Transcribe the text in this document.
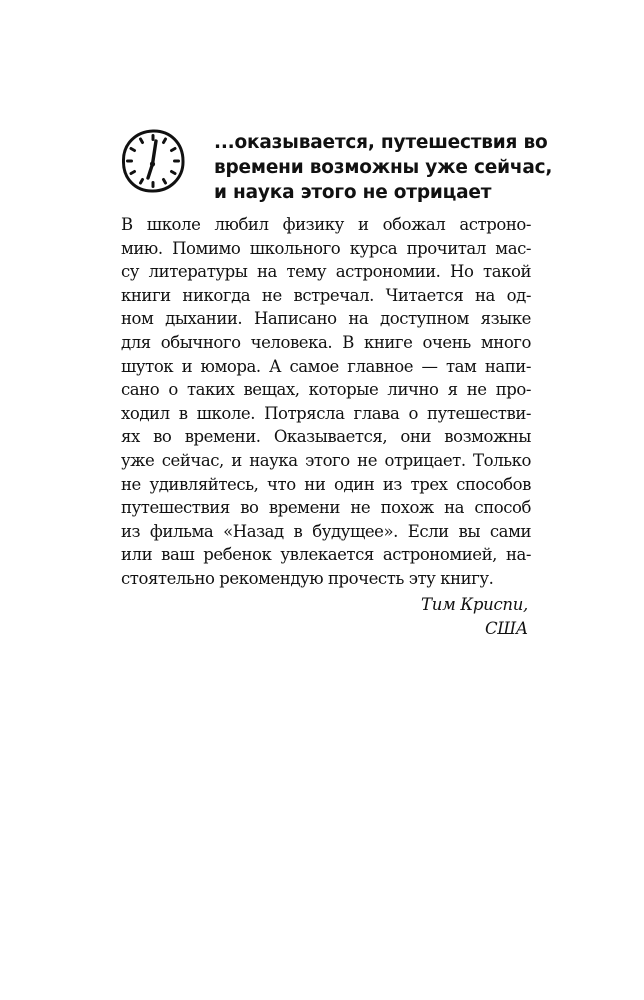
...оказывается, путешествия во
времени возможны уже сейчас,
и наука этого не отрицает
В школе любил физику и обожал астроно-
мию. Помимо школьного курса прочитал мас-
су литературы на тему астрономии. Но такой
книги никогда не встречал. Читается на од-
ном дыхании. Написано на доступном языке
для обычного человека. В книге очень много
шуток и юмора. А самое главное — там напи-
сано о таких вещах, которые лично я не про-
ходил в школе. Потрясла глава о путешестви-
ях во времени. Оказывается, они возможны
уже сейчас, и наука этого не отрицает. Только
не удивляйтесь, что ни один из трех способов
путешествия во времени не похож на способ
из фильма «Назад в будущее». Если вы сами
или ваш ребенок увлекается астрономией, на-
стоятельно рекомендую прочесть эту книгу.
Тим Криспи,
США
